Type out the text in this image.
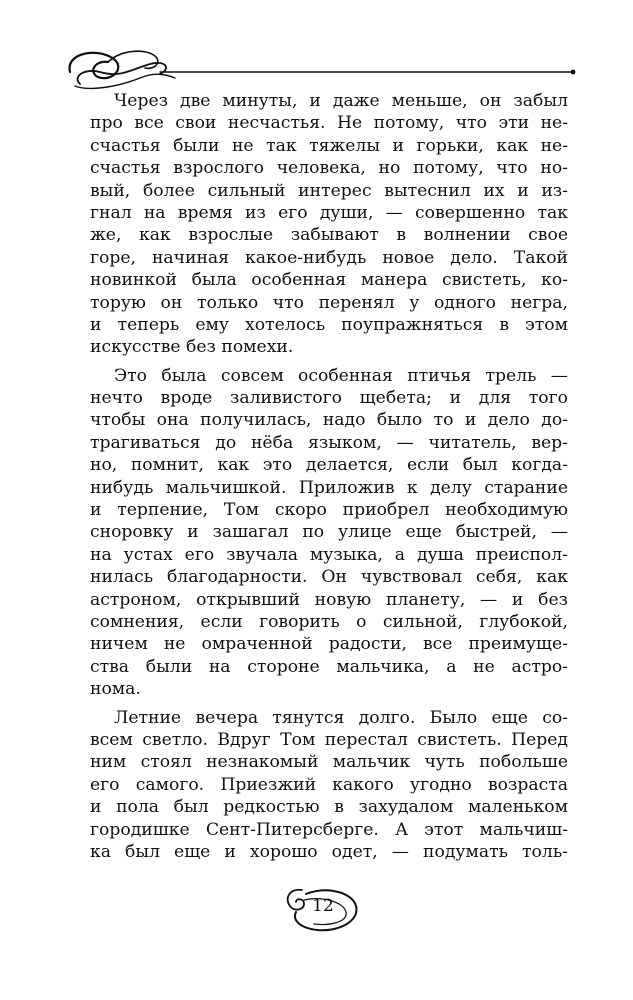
Через две минуты, и даже меньше, он забыл
про все свои несчастья. Не потому, что эти не-
счастья были не так тяжелы и горьки, как не-
счастья взрослого человека, но потому, что но-
вый, более сильный интерес вытеснил их и из-
гнал на время из его души, — совершенно так
же, как взрослые забывают в волнении свое
горе, начиная какое-нибудь новое дело. Такой
новинкой была особенная манера свистеть, ко-
торую он только что перенял у одного негра,
и теперь ему хотелось поупражняться в этом
искусстве без помехи.
Это была совсем особенная птичья трель —
нечто вроде заливистого щебета; и для того
чтобы она получилась, надо было то и дело до-
трагиваться до нёба языком, — читатель, вер-
но, помнит, как это делается, если был когда-
нибудь мальчишкой. Приложив к делу старание
и терпение, Том скоро приобрел необходимую
сноровку и зашагал по улице еще быстрей, —
на устах его звучала музыка, а душа преиспол-
нилась благодарности. Он чувствовал себя, как
астроном, открывший новую планету, — и без
сомнения, если говорить о сильной, глубокой,
ничем не омраченной радости, все преимуще-
ства были на стороне мальчика, а не астро-
нома.
Летние вечера тянутся долго. Было еще со-
всем светло. Вдруг Том перестал свистеть. Перед
ним стоял незнакомый мальчик чуть побольше
его самого. Приезжий какого угодно возраста
и пола был редкостью в захудалом маленьком
городишке Сент-Питерсберге. А этот мальчиш-
ка был еще и хорошо одет, — подумать толь-
12
